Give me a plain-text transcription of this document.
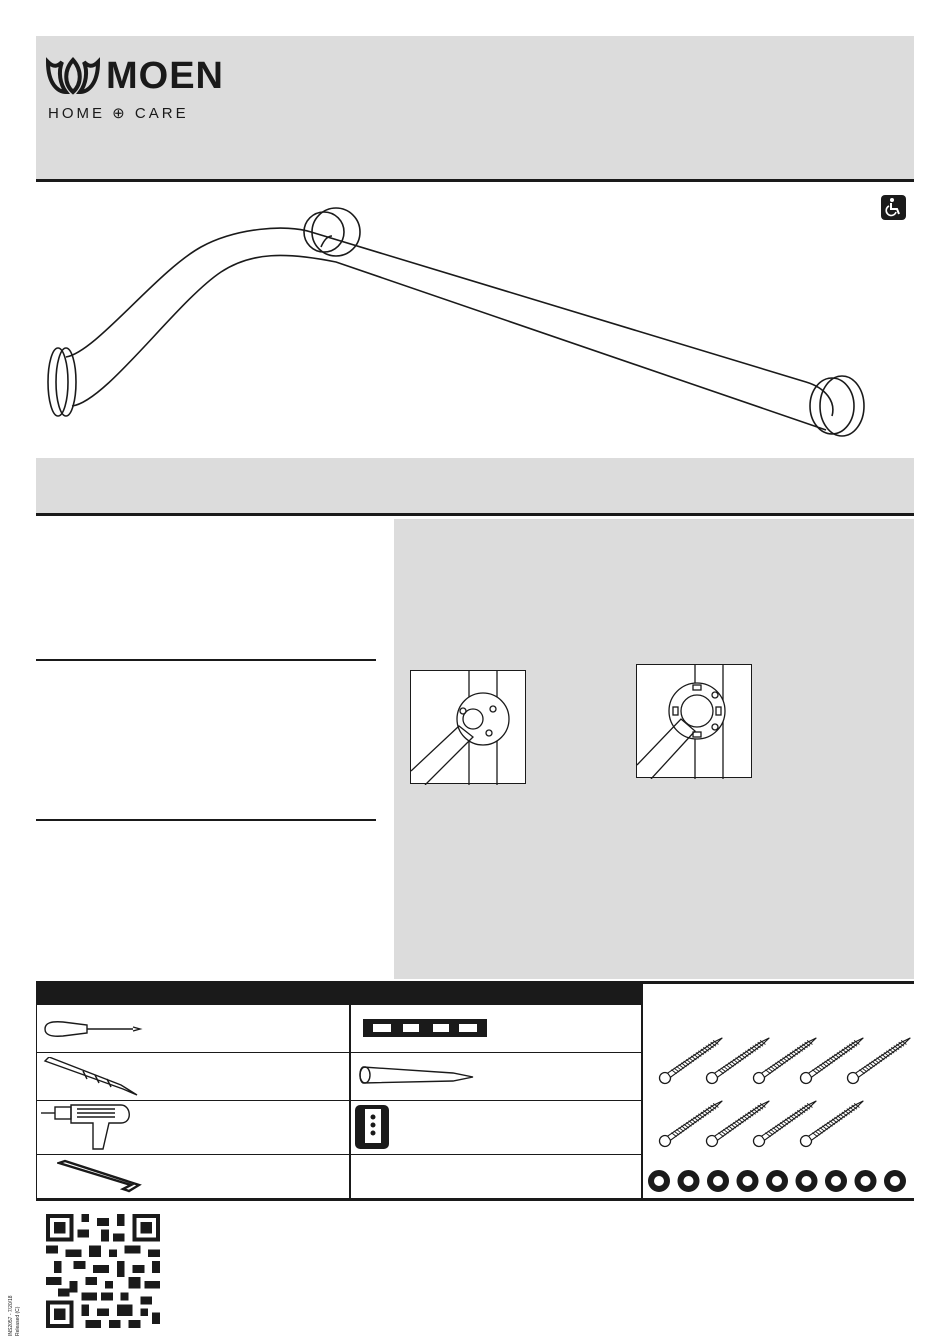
MOEN
HOME ⊕ CARE
INS2057 - 7/20/18 Released (C)
